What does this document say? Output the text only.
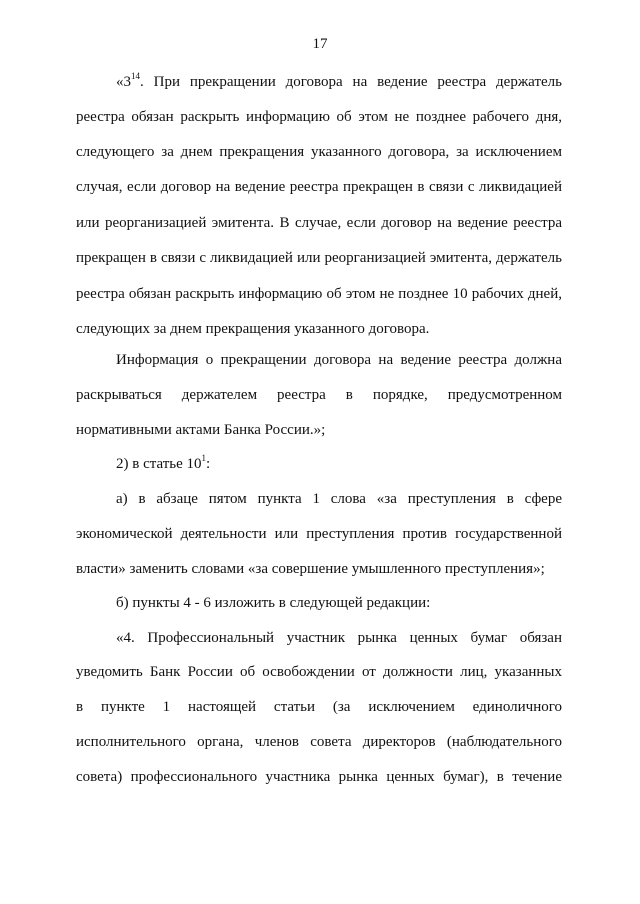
17
«$3^{14}$. При прекращении договора на ведение реестра держатель
реестра обязан раскрыть информацию об этом не позднее рабочего дня,
следующего за днем прекращения указанного договора, за исключением
случая, если договор на ведение реестра прекращен в связи с ликвидацией
или реорганизацией эмитента. В случае, если договор на ведение реестра
прекращен в связи с ликвидацией или реорганизацией эмитента, держатель
реестра обязан раскрыть информацию об этом не позднее 10 рабочих дней,
следующих за днем прекращения указанного договора.
Информация о прекращении договора на ведение реестра должна
раскрываться держателем реестра в порядке, предусмотренном
нормативными актами Банка России.»;
2) в статье $10^1$:
а) в абзаце пятом пункта 1 слова «за преступления в сфере
экономической деятельности или преступления против государственной
власти» заменить словами «за совершение умышленного преступления»;
б) пункты 4 - 6 изложить в следующей редакции:
«4. Профессиональный участник рынка ценных бумаг обязан
уведомить Банк России об освобождении от должности лиц, указанных
в пункте 1 настоящей статьи (за исключением единоличного
исполнительного органа, членов совета директоров (наблюдательного
совета) профессионального участника рынка ценных бумаг), в течение
